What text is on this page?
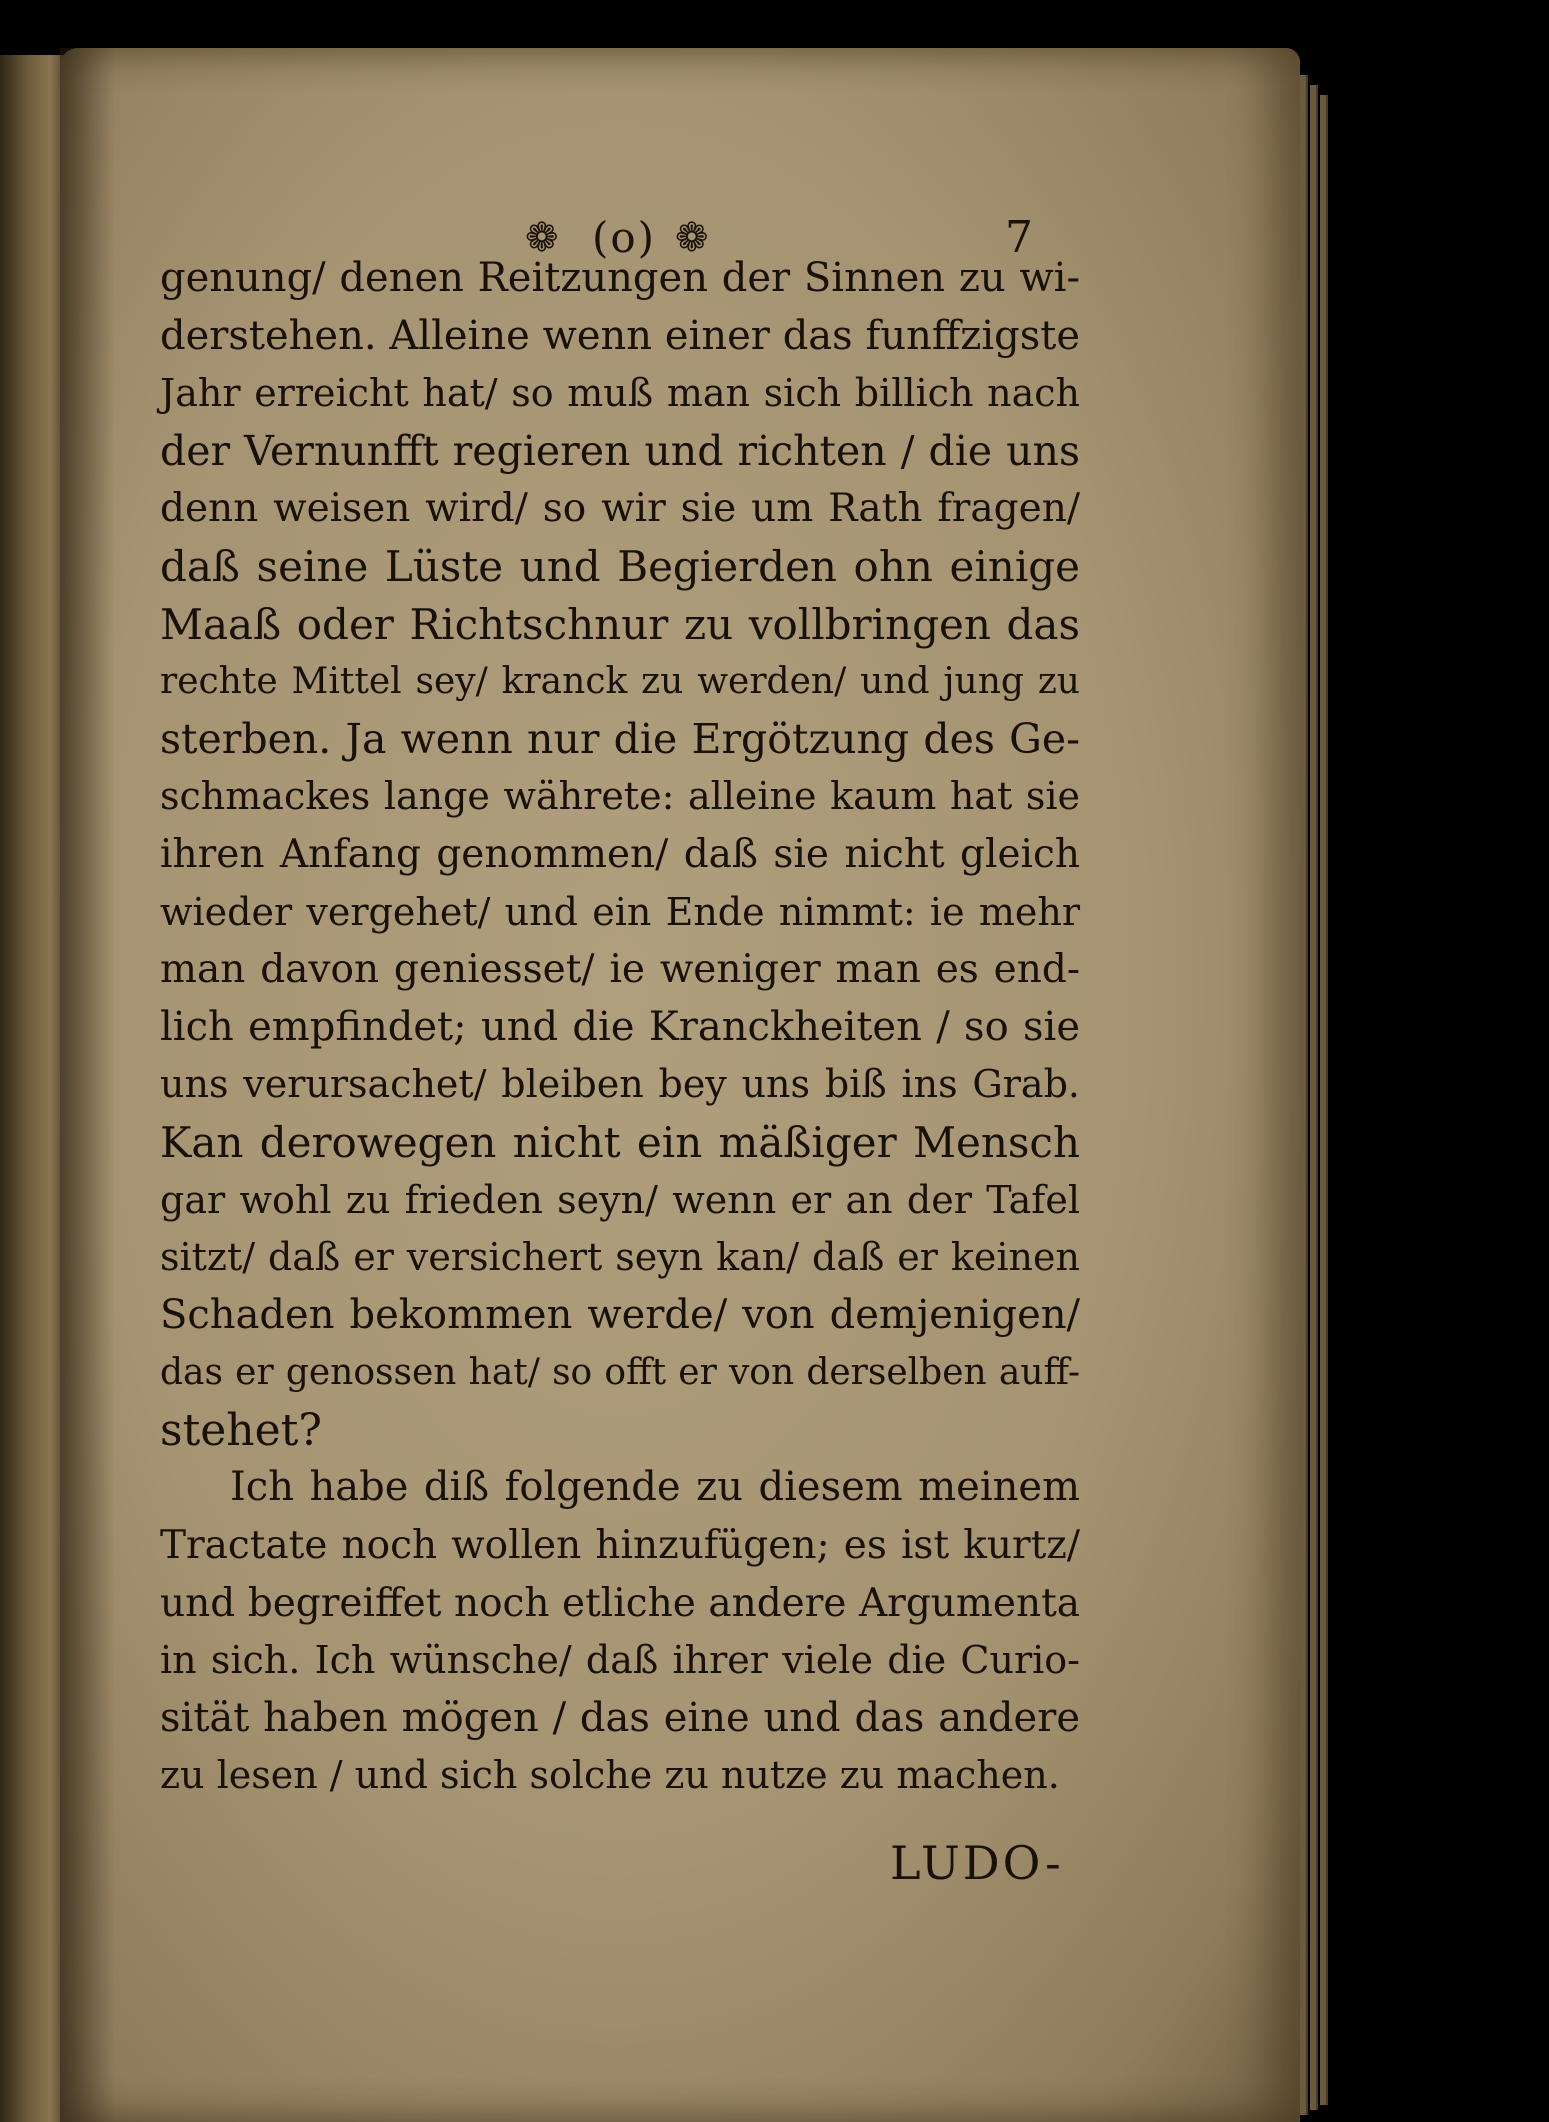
❁ (o) ❁	7
genung/ denen Reitzungen der Sinnen zu wi-
derstehen. Alleine wenn einer das funffzigste
Jahr erreicht hat/ so muß man sich billich nach
der Vernunfft regieren und richten / die uns
denn weisen wird/ so wir sie um Rath fragen/
daß seine Lüste und Begierden ohn einige
Maaß oder Richtschnur zu vollbringen das
rechte Mittel sey/ kranck zu werden/ und jung zu
sterben. Ja wenn nur die Ergötzung des Ge-
schmackes lange währete: alleine kaum hat sie
ihren Anfang genommen/ daß sie nicht gleich
wieder vergehet/ und ein Ende nimmt: ie mehr
man davon geniesset/ ie weniger man es end-
lich empfindet; und die Kranckheiten / so sie
uns verursachet/ bleiben bey uns biß ins Grab.
Kan derowegen nicht ein mäßiger Mensch
gar wohl zu frieden seyn/ wenn er an der Tafel
sitzt/ daß er versichert seyn kan/ daß er keinen
Schaden bekommen werde/ von demjenigen/
das er genossen hat/ so offt er von derselben auff-
stehet?
Ich habe diß folgende zu diesem meinem
Tractate noch wollen hinzufügen; es ist kurtz/
und begreiffet noch etliche andere Argumenta
in sich. Ich wünsche/ daß ihrer viele die Curio-
sität haben mögen / das eine und das andere
zu lesen / und sich solche zu nutze zu machen.
LUDO-
